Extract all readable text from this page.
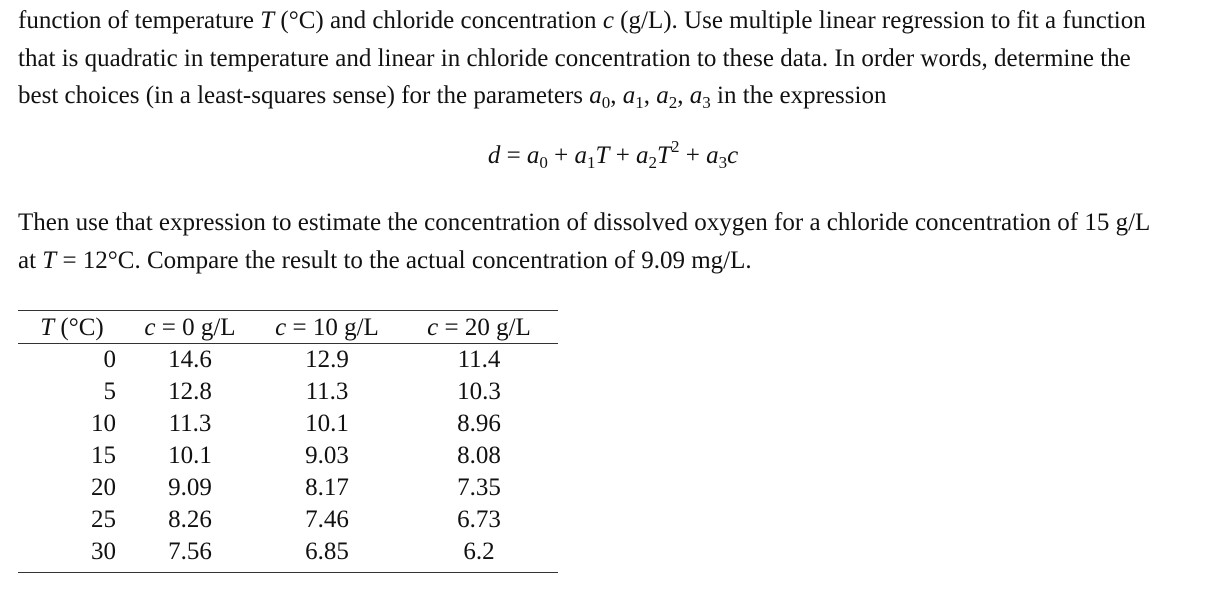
function of temperature T (°C) and chloride concentration c (g/L). Use multiple linear regression to fit a function
that is quadratic in temperature and linear in chloride concentration to these data. In order words, determine the
best choices (in a least-squares sense) for the parameters $a_0$, $a_1$, $a_2$, $a_3$ in the expression

$d = a_0 + a_1T + a_2T^2 + a_3c$

Then use that expression to estimate the concentration of dissolved oxygen for a chloride concentration of 15 g/L
at T = 12°C. Compare the result to the actual concentration of 9.09 mg/L.

T (°C)	c = 0 g/L	c = 10 g/L	c = 20 g/L
0	14.6	12.9	11.4
5	12.8	11.3	10.3
10	11.3	10.1	8.96
15	10.1	9.03	8.08
20	9.09	8.17	7.35
25	8.26	7.46	6.73
30	7.56	6.85	6.2
